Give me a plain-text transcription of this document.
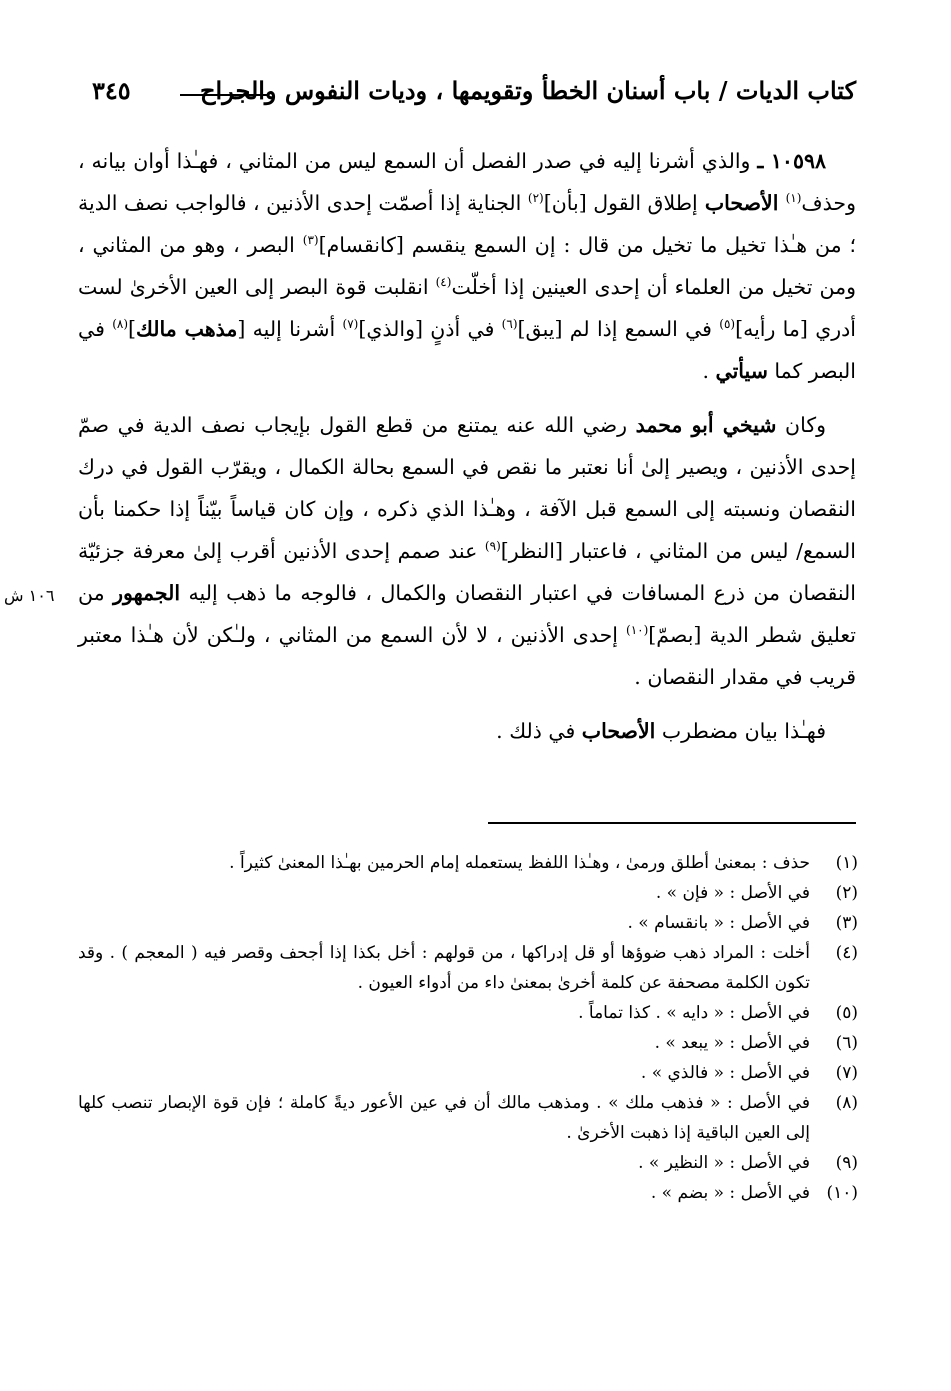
كتاب الديات / باب أسنان الخطأ وتقويمها ، وديات النفوس والجراح
٣٤٥

١٠٥٩٨ ـ والذي أشرنا إليه في صدر الفصل أن السمع ليس من المثاني ، فهـٰذا أوان بيانه ، وحذف$^{(١)}$ الأصحاب إطلاق القول [بأن]$^{(٢)}$ الجناية إذا أصمّت إحدى الأذنين ، فالواجب نصف الدية ؛ من هـٰذا تخيل ما تخيل من قال : إن السمع ينقسم [كانقسام]$^{(٣)}$ البصر ، وهو من المثاني ، ومن تخيل من العلماء أن إحدى العينين إذا أخلّت$^{(٤)}$ انقلبت قوة البصر إلى العين الأخرىٰ لست أدري [ما رأيه]$^{(٥)}$ في السمع إذا لم [يبق]$^{(٦)}$ في أذنٍ [والذي]$^{(٧)}$ أشرنا إليه [مذهب مالك]$^{(٨)}$ في البصر كما سيأتي .

وكان شيخي أبو محمد رضي الله عنه يمتنع من قطع القول بإيجاب نصف الدية في صمّ إحدى الأذنين ، ويصير إلىٰ أنا نعتبر ما نقص في السمع بحالة الكمال ، ويقرّب القول في درك النقصان ونسبته إلى السمع قبل الآفة ، وهـٰذا الذي ذكره ، وإن كان قياساً بيّناً إذا حكمنا بأن السمع/ ليس من المثاني ، فاعتبار [النظر]$^{(٩)}$ عند صمم إحدى الأذنين أقرب إلىٰ معرفة جزئيّة النقصان من ذرع المسافات في اعتبار النقصان والكمال ، فالوجه ما ذهب إليه الجمهور من تعليق شطر الدية [بصمّ]$^{(١٠)}$ إحدى الأذنين ، لا لأن السمع من المثاني ، ولـٰكن لأن هـٰذا معتبر قريب في مقدار النقصان .

فهـٰذا بيان مضطرب الأصحاب في ذلك .

١٠٦ ش
(١)
حذف : بمعنىٰ أطلق ورمىٰ ، وهـٰذا اللفظ يستعمله إمام الحرمين بهـٰذا المعنىٰ كثيراً .
(٢)
في الأصل : « فإن » .
(٣)
في الأصل : « بانقسام » .
(٤)
أخلت : المراد ذهب ضوؤها أو قل إدراكها ، من قولهم : أخل بكذا إذا أجحف وقصر فيه ( المعجم ) . وقد تكون الكلمة مصحفة عن كلمة أخرىٰ بمعنىٰ داء من أدواء العيون .
(٥)
في الأصل : « دايه » . كذا تماماً .
(٦)
في الأصل : « يبعد » .
(٧)
في الأصل : « فالذي » .
(٨)
في الأصل : « فذهب ملك » . ومذهب مالك أن في عين الأعور ديةً كاملة ؛ فإن قوة الإبصار تنصب كلها إلى العين الباقية إذا ذهبت الأخرىٰ .
(٩)
في الأصل : « النظير » .
(١٠)
في الأصل : « بضم » .
